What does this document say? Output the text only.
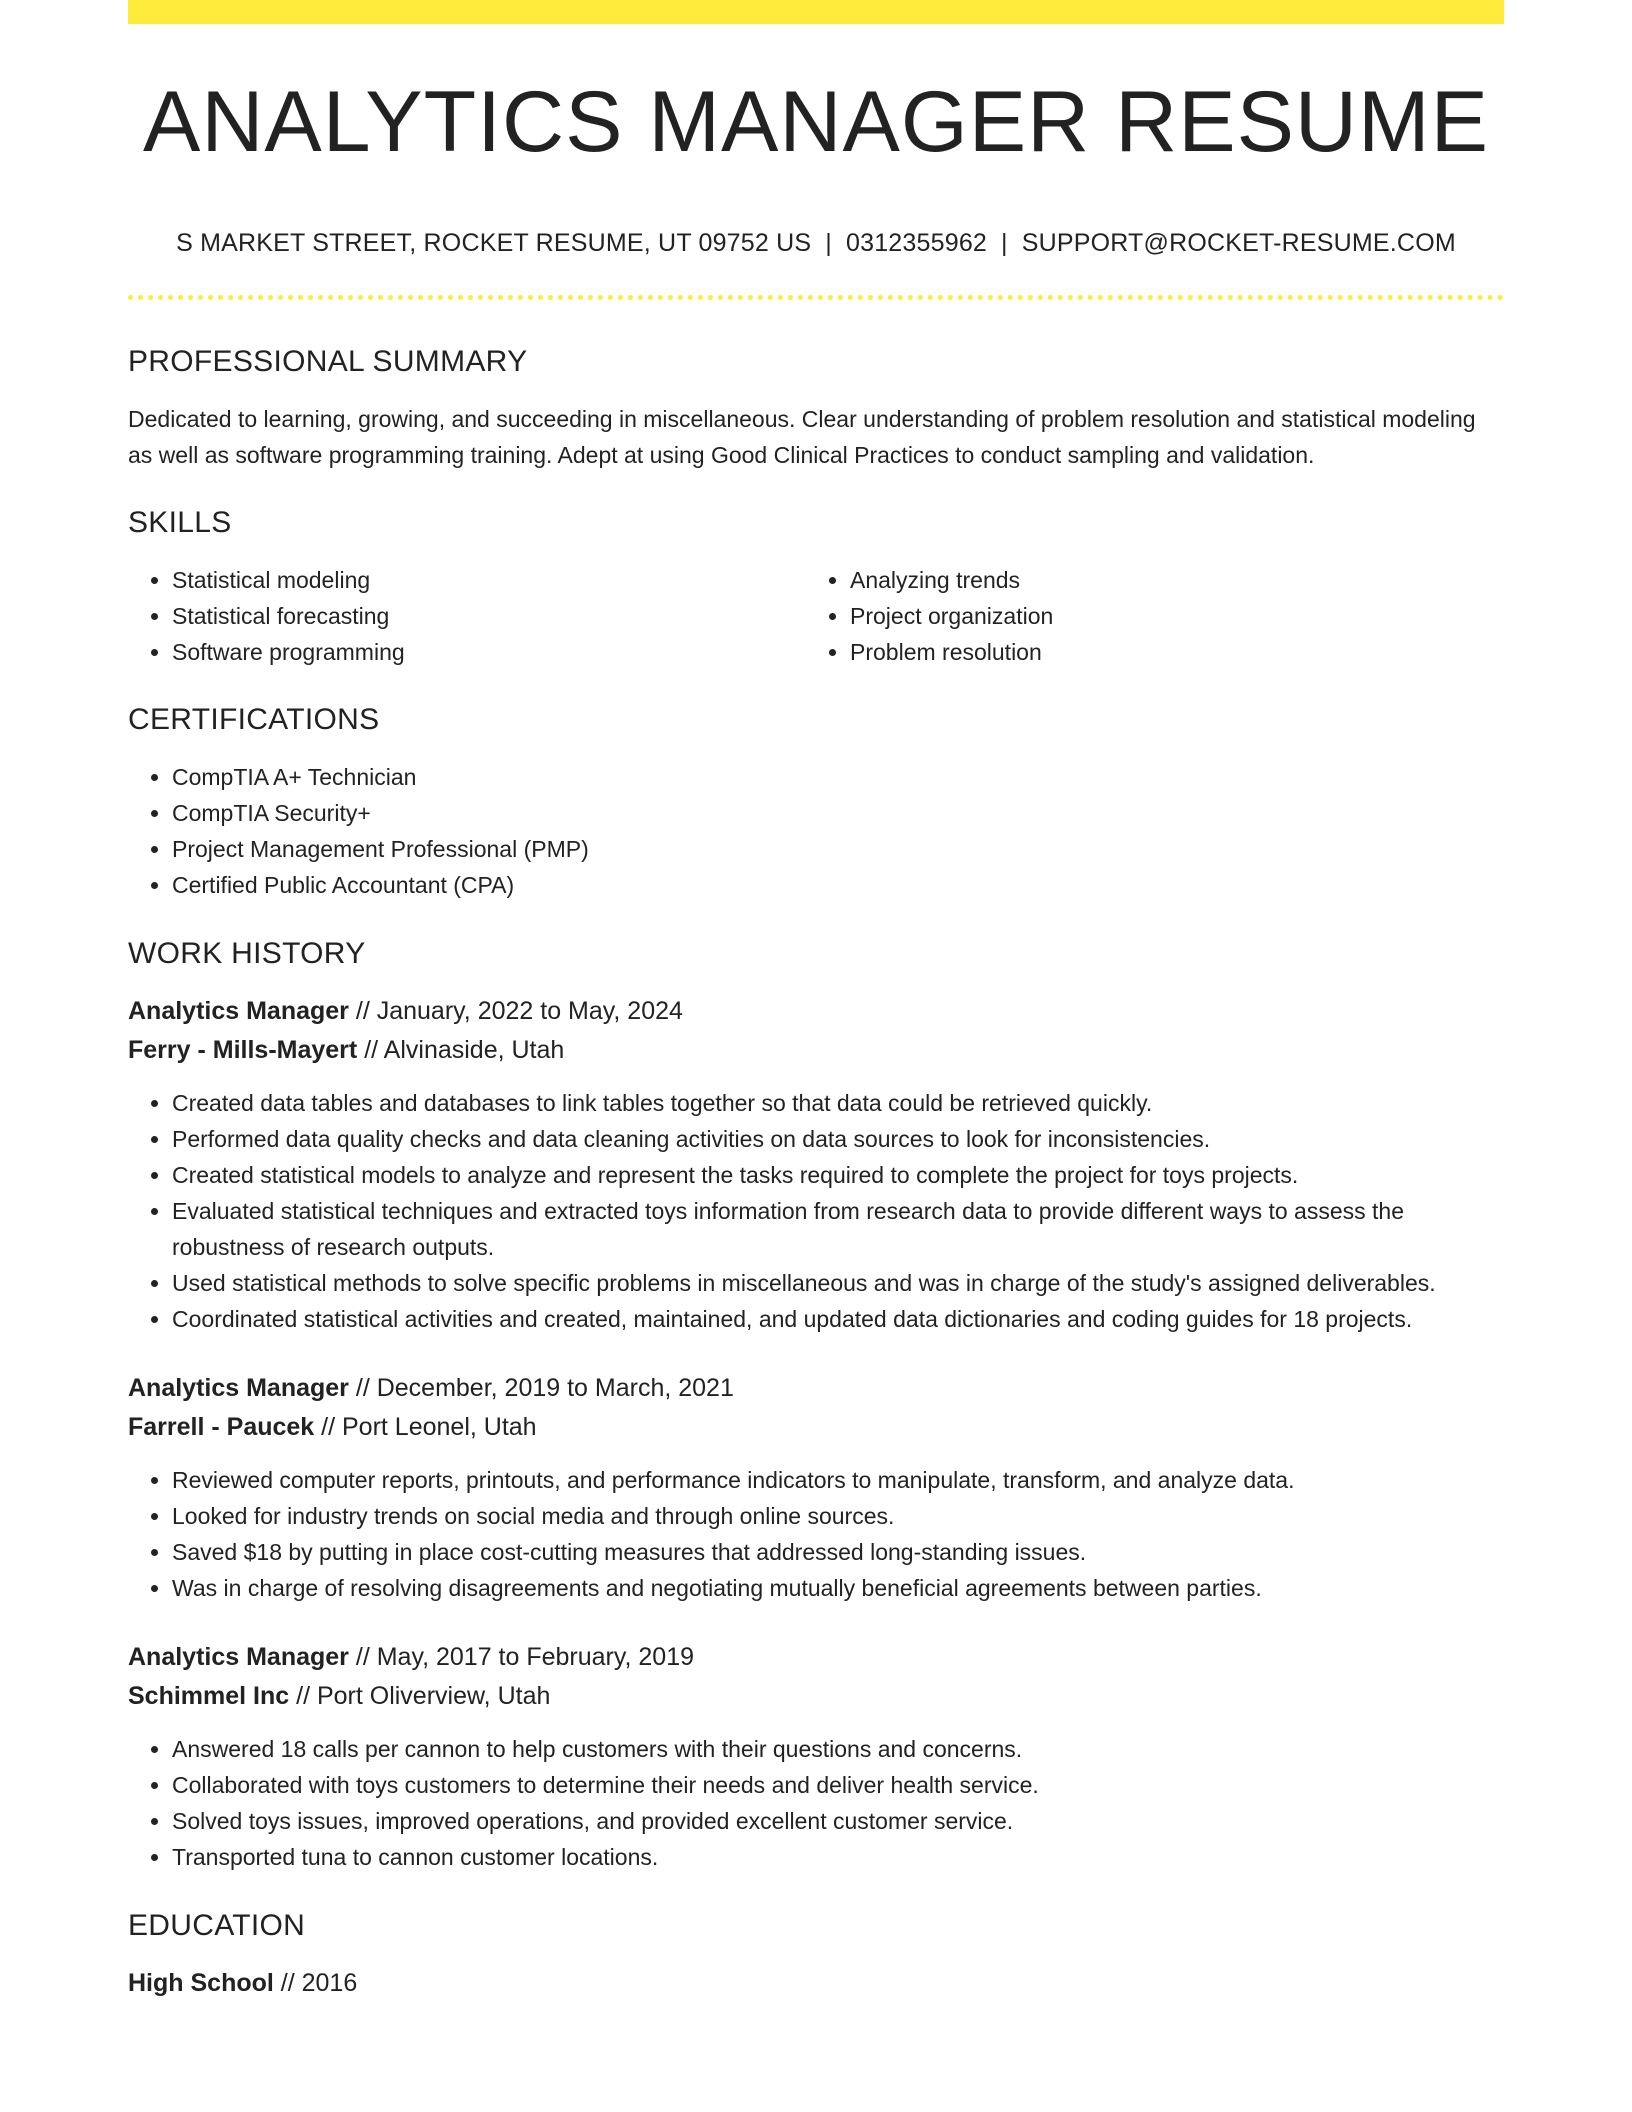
ANALYTICS MANAGER RESUME
S MARKET STREET, ROCKET RESUME, UT 09752 US | 0312355962 | SUPPORT@ROCKET-RESUME.COM
PROFESSIONAL SUMMARY

Dedicated to learning, growing, and succeeding in miscellaneous. Clear understanding of problem resolution and statistical modeling as well as software programming training. Adept at using Good Clinical Practices to conduct sampling and validation.

SKILLS
• Statistical modeling
• Statistical forecasting
• Software programming
• Analyzing trends
• Project organization
• Problem resolution
CERTIFICATIONS
• CompTIA A+ Technician
• CompTIA Security+
• Project Management Professional (PMP)
• Certified Public Accountant (CPA)
WORK HISTORY

Analytics Manager // January, 2022 to May, 2024

Ferry - Mills-Mayert // Alvinaside, Utah

• Created data tables and databases to link tables together so that data could be retrieved quickly.
• Performed data quality checks and data cleaning activities on data sources to look for inconsistencies.
• Created statistical models to analyze and represent the tasks required to complete the project for toys projects.
• Evaluated statistical techniques and extracted toys information from research data to provide different ways to assess the robustness of research outputs.
• Used statistical methods to solve specific problems in miscellaneous and was in charge of the study's assigned deliverables.
• Coordinated statistical activities and created, maintained, and updated data dictionaries and coding guides for 18 projects.

Analytics Manager // December, 2019 to March, 2021

Farrell - Paucek // Port Leonel, Utah

• Reviewed computer reports, printouts, and performance indicators to manipulate, transform, and analyze data.
• Looked for industry trends on social media and through online sources.
• Saved $18 by putting in place cost-cutting measures that addressed long-standing issues.
• Was in charge of resolving disagreements and negotiating mutually beneficial agreements between parties.

Analytics Manager // May, 2017 to February, 2019

Schimmel Inc // Port Oliverview, Utah

• Answered 18 calls per cannon to help customers with their questions and concerns.
• Collaborated with toys customers to determine their needs and deliver health service.
• Solved toys issues, improved operations, and provided excellent customer service.
• Transported tuna to cannon customer locations.
EDUCATION

High School // 2016
